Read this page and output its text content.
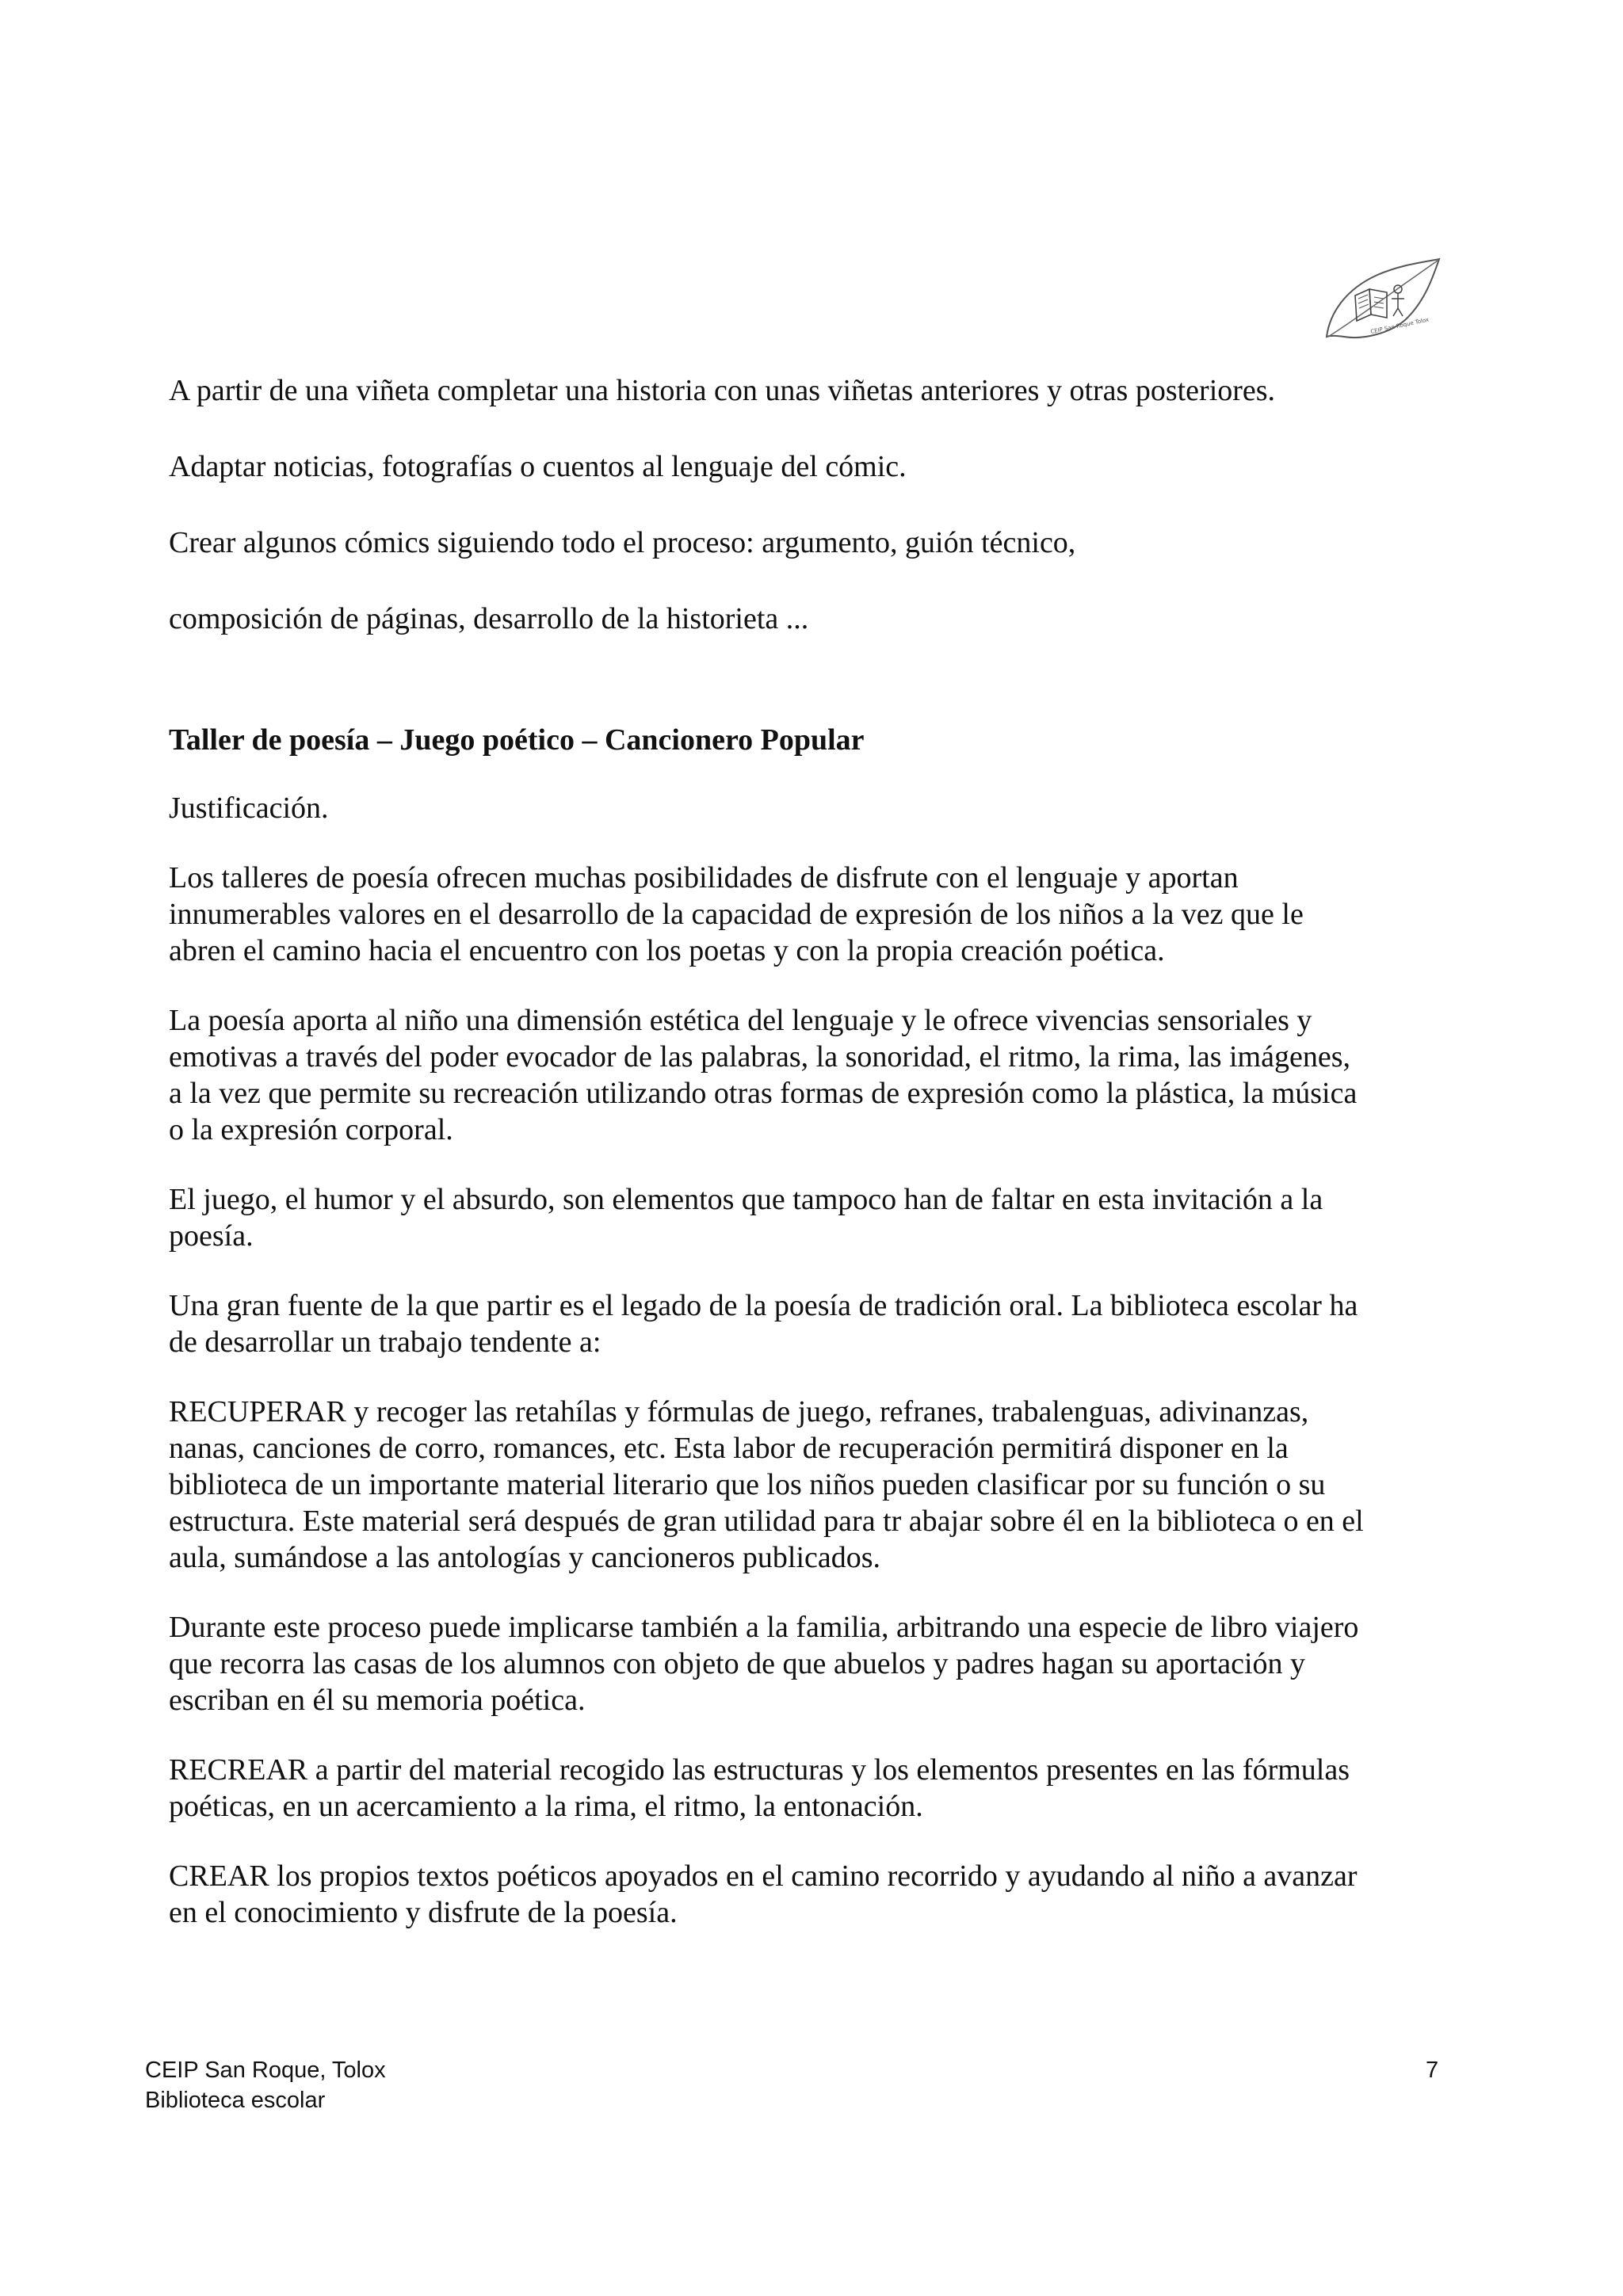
CEIP San Roque Tolox

A partir de una viñeta completar una historia con unas viñetas anteriores y otras posteriores.

Adaptar noticias, fotografías o cuentos al lenguaje del cómic.

Crear algunos cómics siguiendo todo el proceso: argumento, guión técnico,

composición de páginas, desarrollo de la historieta ...

Taller de poesía – Juego poético – Cancionero Popular

Justificación.

Los talleres de poesía ofrecen muchas posibilidades de disfrute con el lenguaje y aportan

innumerables valores en el desarrollo de la capacidad de expresión de los niños a la vez que le

abren el camino hacia el encuentro con los poetas y con la propia creación poética.

La poesía aporta al niño una dimensión estética del lenguaje y le ofrece vivencias sensoriales y

emotivas a través del poder evocador de las palabras, la sonoridad, el ritmo, la rima, las imágenes,

a la vez que permite su recreación utilizando otras formas de expresión como la plástica, la música

o la expresión corporal.

El juego, el humor y el absurdo, son elementos que tampoco han de faltar en esta invitación a la

poesía.

Una gran fuente de la que partir es el legado de la poesía de tradición oral. La biblioteca escolar ha

de desarrollar un trabajo tendente a:

RECUPERAR y recoger las retahílas y fórmulas de juego, refranes, trabalenguas, adivinanzas,

nanas, canciones de corro, romances, etc. Esta labor de recuperación permitirá disponer en la

biblioteca de un importante material literario que los niños pueden clasificar por su función o su

estructura. Este material será después de gran utilidad para tr abajar sobre él en la biblioteca o en el

aula, sumándose a las antologías y cancioneros publicados.

Durante este proceso puede implicarse también a la familia, arbitrando una especie de libro viajero

que recorra las casas de los alumnos con objeto de que abuelos y padres hagan su aportación y

escriban en él su memoria poética.

RECREAR a partir del material recogido las estructuras y los elementos presentes en las fórmulas

poéticas, en un acercamiento a la rima, el ritmo, la entonación.

CREAR los propios textos poéticos apoyados en el camino recorrido y ayudando al niño a avanzar

en el conocimiento y disfrute de la poesía.

CEIP San Roque, Tolox
Biblioteca escolar
7
